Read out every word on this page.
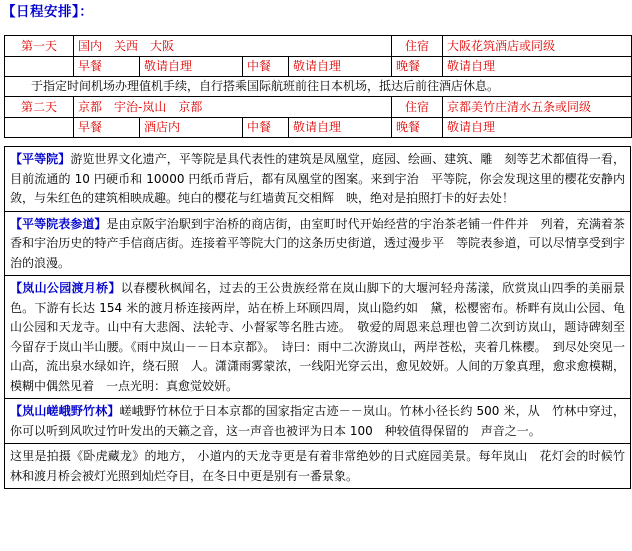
【日程安排】：
第一天	国内　关西　大阪				住宿	大阪花筑酒店或同级
	早餐	敬请自理	中餐	敬请自理	晚餐	敬请自理
于指定时间机场办理值机手续，自行搭乘国际航班前往日本机场，抵达后前往酒店休息。						
第二天	京都　宇治-岚山　京都				住宿	京都美竹庄清水五条或同级
	早餐	酒店内	中餐	敬请自理	晚餐	敬请自理
【平等院】游览世界文化遗产，平等院是具代表性的建筑是凤凰堂，庭园、绘画、建筑、雕　刻等艺术都值得一看， 目前流通的 10 円硬币和 10000 円纸币背后，都有凤凰堂的图案。来到宇治　平等院，你会发现这里的樱花安静内敛，与朱红色的建筑相映成趣。纯白的樱花与红墙黄瓦交相辉　映，绝对是拍照打卡的好去处！
【平等院表参道】是由京阪宇治駅到宇治桥的商店街，由室町时代开始经营的宇治茶老铺一件件并　列着，充满着茶香和宇治历史的特产手信商店街。连接着平等院大门的这条历史街道，透过漫步平　等院表参道，可以尽情享受到宇治的浪漫。
【岚山公园渡月桥】以春樱秋枫闻名，过去的王公贵族经常在岚山脚下的大堰河轻舟荡漾，欣赏岚山四季的美丽景色。下游有长达 154 米的渡月桥连接两岸，站在桥上环顾四周，岚山隐约如　黛，松樱密布。桥畔有岚山公园、龟山公园和天龙寺。山中有大悲阁、法轮寺、小督冢等名胜古迹。　敬爱的周恩来总理也曾二次到访岚山，题诗碑刻至今留存于岚山半山腰。《雨中岚山－－日本京都》。　诗曰：雨中二次游岚山，两岸苍松，夹着几株樱。　到尽处突见一山高，流出泉水绿如许，绕石照　人。潇潇雨雾蒙浓，一线阳光穿云出，愈见姣妍。人间的万象真理，愈求愈模糊，模糊中偶然见着　一点光明：真愈觉姣妍。
【岚山嵯峨野竹林】嵯峨野竹林位于日本京都的国家指定古迹－－岚山。竹林小径长约 500 米，从　竹林中穿过，你可以听到风吹过竹叶发出的天籁之音，这一声音也被评为日本 100　种较值得保留的　声音之一。
这里是拍摄《卧虎藏龙》的地方， 小道内的天龙寺更是有着非常绝妙的日式庭园美景。每年岚山　花灯会的时候竹林和渡月桥会被灯光照到灿烂夺目，在冬日中更是别有一番景象。
